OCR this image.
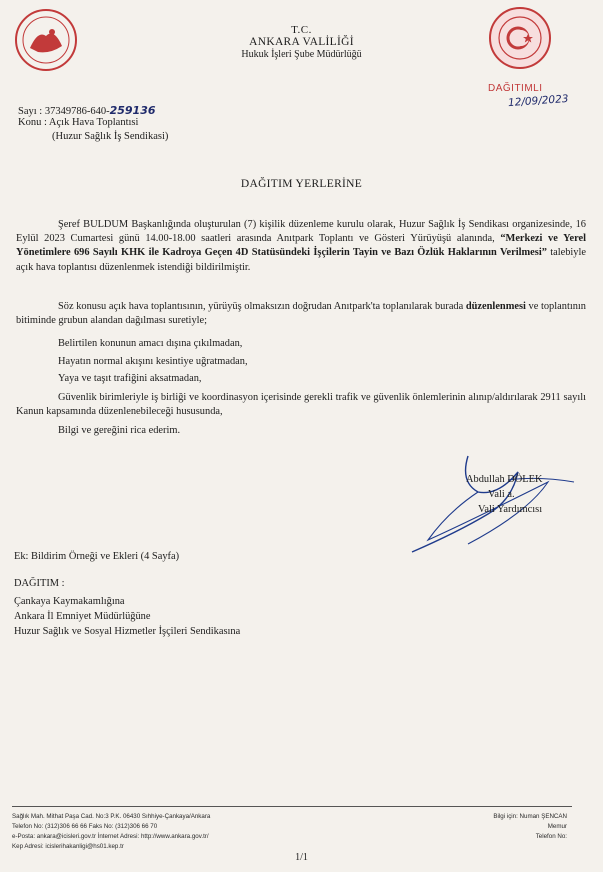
T.C.
ANKARA VALİLİĞİ
Hukuk İşleri Şube Müdürlüğü
DAĞITIMLI
12/09/2023
Sayı : 37349786-640-259136
Konu : Açık Hava Toplantısi
(Huzur Sağlık İş Sendikasi)
DAĞITIM YERLERİNE
Şeref BULDUM Başkanlığında oluşturulan (7) kişilik düzenleme kurulu olarak, Huzur Sağlık İş Sendikası organizesinde, 16 Eylül 2023 Cumartesi günü 14.00-18.00 saatleri arasında Anıtpark Toplantı ve Gösteri Yürüyüşü alanında, “Merkezi ve Yerel Yönetimlere 696 Sayılı KHK ile Kadroya Geçen 4D Statüsündeki İşçilerin Tayin ve Bazı Özlük Haklarının Verilmesi” talebiyle açık hava toplantısı düzenlenmek istendiği bildirilmiştir.
Söz konusu açık hava toplantısının, yürüyüş olmaksızın doğrudan Anıtpark'ta toplanılarak burada düzenlenmesi ve toplantının bitiminde grubun alandan dağılması suretiyle;
Belirtilen konunun amacı dışına çıkılmadan,
Hayatın normal akışını kesintiye uğratmadan,
Yaya ve taşıt trafiğini aksatmadan,
Güvenlik birimleriyle iş birliği ve koordinasyon içerisinde gerekli trafik ve güvenlik önlemlerinin alınıp/aldırılarak 2911 sayılı Kanun kapsamında düzenlenebileceği hususunda,
Bilgi ve gereğini rica ederim.
Abdullah DÖLEK
Vali a.
Vali Yardımcısı
Ek: Bildirim Örneği ve Ekleri (4 Sayfa)
DAĞITIM :
Çankaya Kaymakamlığına
Ankara İl Emniyet Müdürlüğüne
Huzur Sağlık ve Sosyal Hizmetler İşçileri Sendikasına
Sağlık Mah. Mithat Paşa Cad. No:3 P.K. 06430 Sıhhiye-Çankaya/Ankara
Telefon No: (312)306 66 66 Faks No: (312)306 66 70
e-Posta: ankara@icisleri.gov.tr İnternet Adresi: http://www.ankara.gov.tr/
Kep Adresi: icislerihakanligi@hs01.kep.tr
Bilgi için: Numan ŞENCAN
Memur
Telefon No:
1/1
